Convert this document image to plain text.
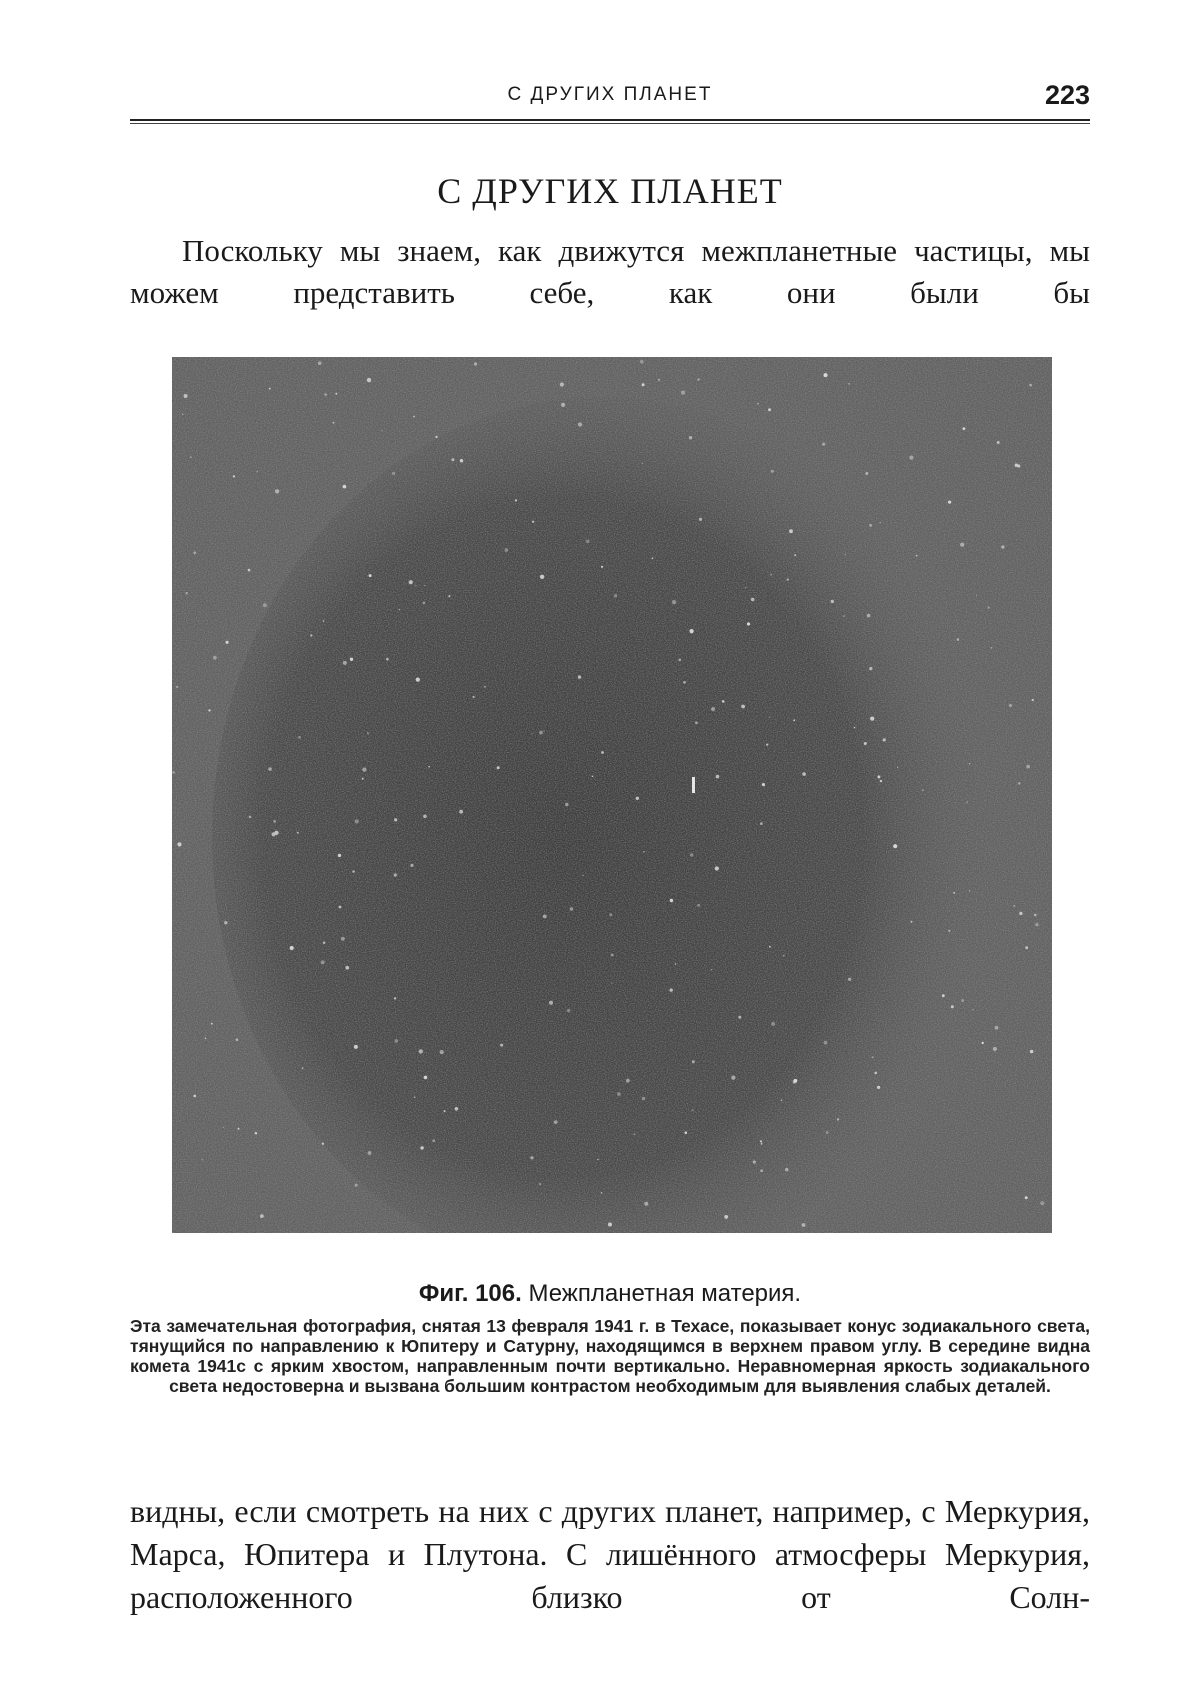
С ДРУГИХ ПЛАНЕТ	223
С ДРУГИХ ПЛАНЕТ

Поскольку мы знаем, как движутся межпланетные частицы, мы можем представить себе, как они были бы

Фиг. 106. Межпланетная материя.

Эта замечательная фотография, снятая 13 февраля 1941 г. в Техасе, показывает конус зодиакального света, тянущийся по направлению к Юпитеру и Сатурну, находящимся в верхнем правом углу. В середине видна комета 1941c с ярким хвостом, направленным почти вертикально. Неравномерная яркость зодиакального света недостоверна и вызвана большим контрастом необходимым для выявления слабых деталей.

видны, если смотреть на них с других планет, например, с Меркурия, Марса, Юпитера и Плутона. С лишённого атмосферы Меркурия, расположенного близко от Солн-
